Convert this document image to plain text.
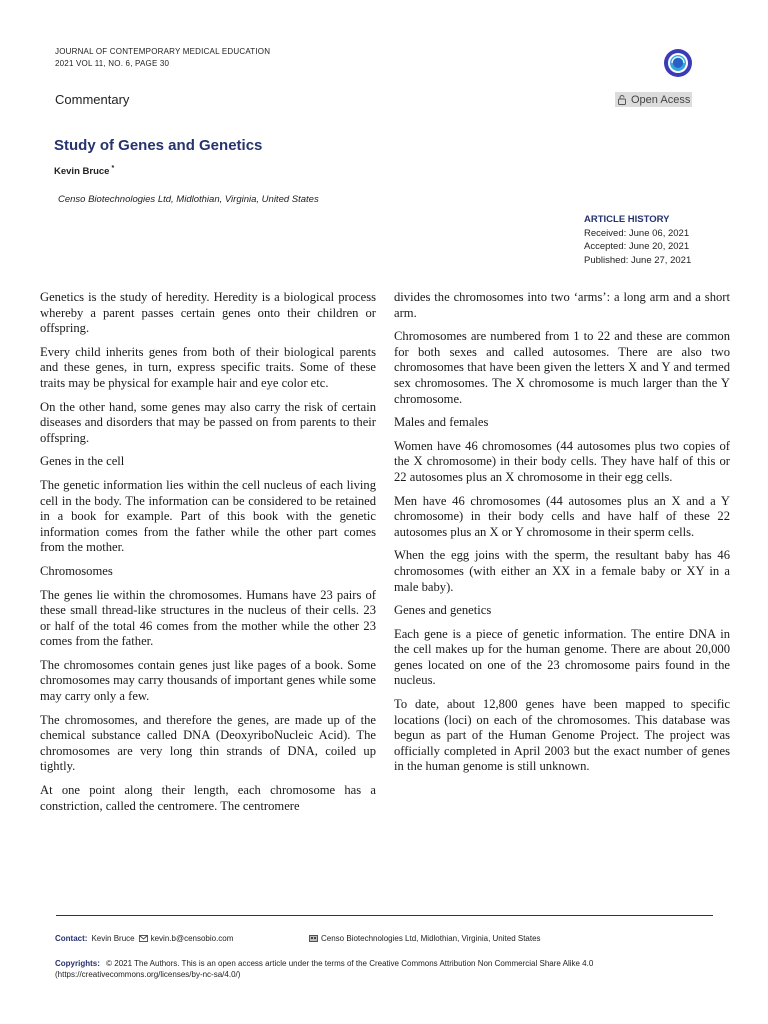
JOURNAL OF CONTEMPORARY MEDICAL EDUCATION
2021 VOL 11, NO. 6, PAGE 30
Commentary	Open Acess
Study of Genes and Genetics
Kevin Bruce *
Censo Biotechnologies Ltd, Midlothian, Virginia, United States
ARTICLE HISTORY
Received: June 06, 2021
Accepted: June 20, 2021
Published: June 27, 2021

Genetics is the study of heredity. Heredity is a biological process whereby a parent passes certain genes onto their children or offspring.

Every child inherits genes from both of their biological parents and these genes, in turn, express specific traits. Some of these traits may be physical for example hair and eye color etc.

On the other hand, some genes may also carry the risk of certain diseases and disorders that may be passed on from parents to their offspring.

Genes in the cell

The genetic information lies within the cell nucleus of each living cell in the body. The information can be considered to be retained in a book for example. Part of this book with the genetic information comes from the father while the other part comes from the mother.

Chromosomes

The genes lie within the chromosomes. Humans have 23 pairs of these small thread-like structures in the nucleus of their cells. 23 or half of the total 46 comes from the mother while the other 23 comes from the father.

The chromosomes contain genes just like pages of a book. Some chromosomes may carry thousands of important genes while some may carry only a few.

The chromosomes, and therefore the genes, are made up of the chemical substance called DNA (DeoxyriboNucleic Acid). The chromosomes are very long thin strands of DNA, coiled up tightly.

At one point along their length, each chromosome has a constriction, called the centromere. The centromere

divides the chromosomes into two ‘arms’: a long arm and a short arm.

Chromosomes are numbered from 1 to 22 and these are common for both sexes and called autosomes. There are also two chromosomes that have been given the letters X and Y and termed sex chromosomes. The X chromosome is much larger than the Y chromosome.

Males and females

Women have 46 chromosomes (44 autosomes plus two copies of the X chromosome) in their body cells. They have half of this or 22 autosomes plus an X chromosome in their egg cells.

Men have 46 chromosomes (44 autosomes plus an X and a Y chromosome) in their body cells and have half of these 22 autosomes plus an X or Y chromosome in their sperm cells.

When the egg joins with the sperm, the resultant baby has 46 chromosomes (with either an XX in a female baby or XY in a male baby).

Genes and genetics

Each gene is a piece of genetic information. The entire DNA in the cell makes up for the human genome. There are about 20,000 genes located on one of the 23 chromosome pairs found in the nucleus.

To date, about 12,800 genes have been mapped to specific locations (loci) on each of the chromosomes. This database was begun as part of the Human Genome Project. The project was officially completed in April 2003 but the exact number of genes in the human genome is still unknown.

Contact: Kevin Bruce kevin.b@censobio.com	Censo Biotechnologies Ltd, Midlothian, Virginia, United States
Copyrights: © 2021 The Authors. This is an open access article under the terms of the Creative Commons Attribution Non Commercial Share Alike 4.0 (https://creativecommons.org/licenses/by-nc-sa/4.0/)
